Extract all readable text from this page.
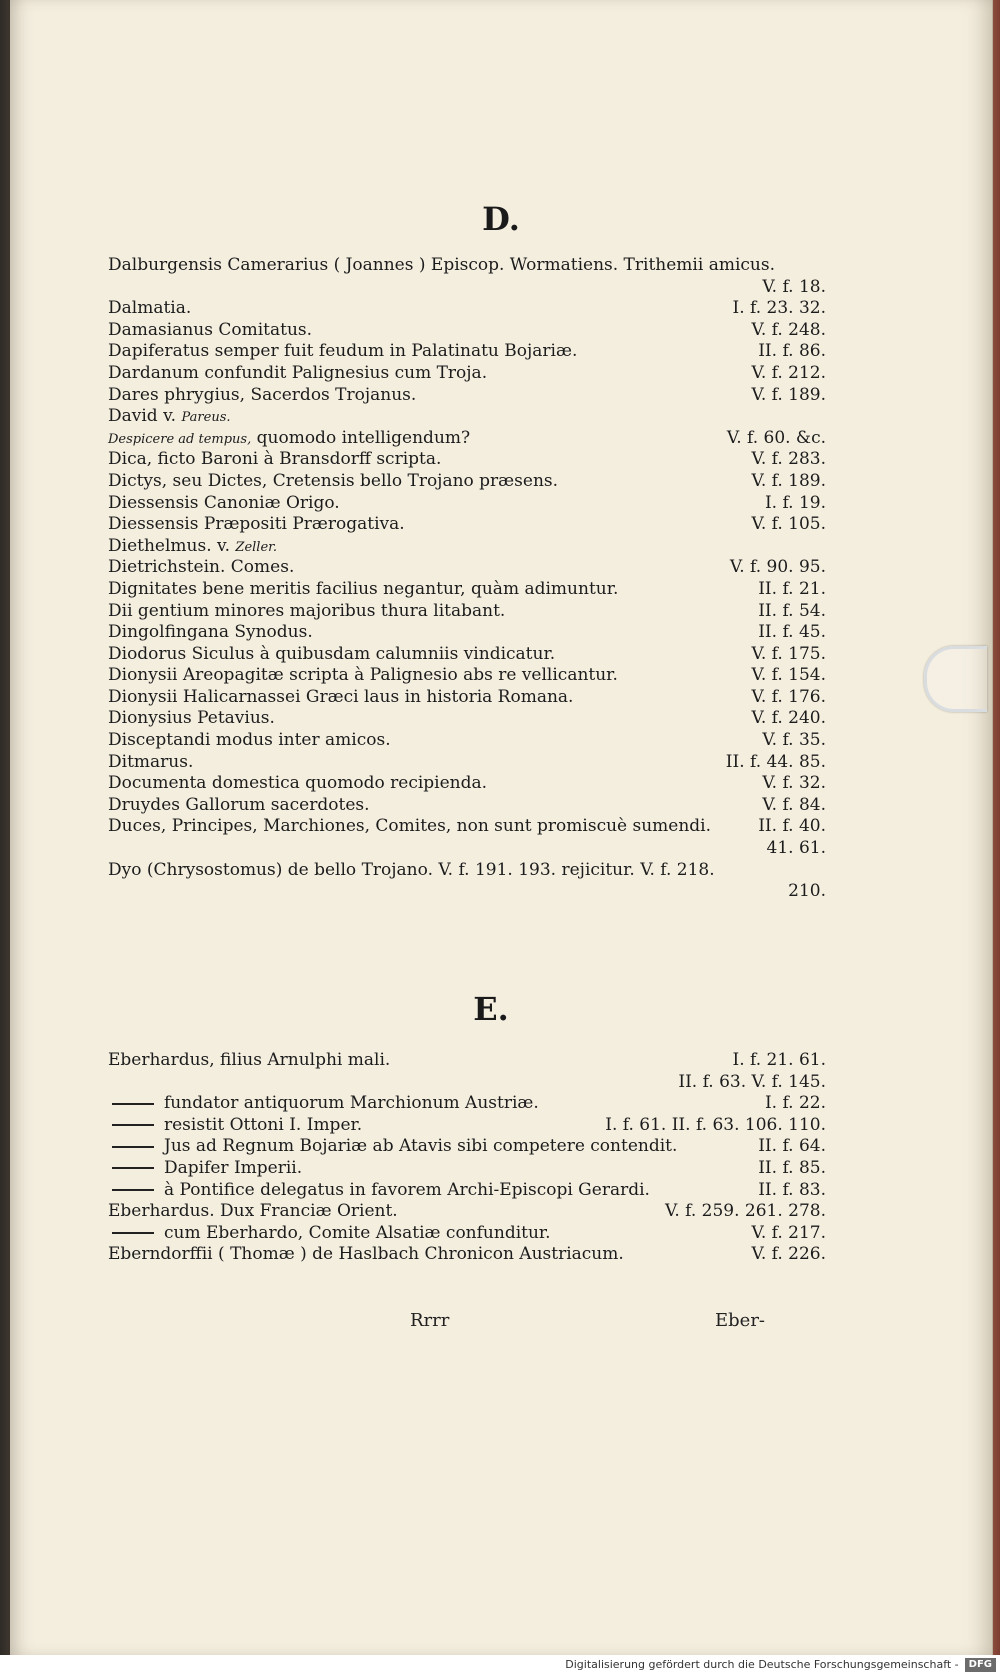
D.
Dalburgensis Camerarius ( Joannes ) Episcop. Wormatiens. Trithemii amicus.
V. f. 18.
Dalmatia.	I. f. 23. 32.
Damasianus Comitatus.	V. f. 248.
Dapiferatus semper fuit feudum in Palatinatu Bojariæ.	II. f. 86.
Dardanum confundit Palignesius cum Troja.	V. f. 212.
Dares phrygius, Sacerdos Trojanus.	V. f. 189.
David v. Pareus.
Despicere ad tempus, quomodo intelligendum?	V. f. 60. &c.
Dica, ficto Baroni à Bransdorff scripta.	V. f. 283.
Dictys, seu Dictes, Cretensis bello Trojano præsens.	V. f. 189.
Diessensis Canoniæ Origo.	I. f. 19.
Diessensis Præpositi Prærogativa.	V. f. 105.
Diethelmus. v. Zeller.
Dietrichstein. Comes.	V. f. 90. 95.
Dignitates bene meritis facilius negantur, quàm adimuntur.	II. f. 21.
Dii gentium minores majoribus thura litabant.	II. f. 54.
Dingolfingana Synodus.	II. f. 45.
Diodorus Siculus à quibusdam calumniis vindicatur.	V. f. 175.
Dionysii Areopagitæ scripta à Palignesio abs re vellicantur.	V. f. 154.
Dionysii Halicarnassei Græci laus in historia Romana.	V. f. 176.
Dionysius Petavius.	V. f. 240.
Disceptandi modus inter amicos.	V. f. 35.
Ditmarus.	II. f. 44. 85.
Documenta domestica quomodo recipienda.	V. f. 32.
Druydes Gallorum sacerdotes.	V. f. 84.
Duces, Principes, Marchiones, Comites, non sunt promiscuè sumendi.	II. f. 40.
41. 61.
Dyo (Chrysostomus) de bello Trojano. V. f. 191. 193. rejicitur. V. f. 218.
210.
E.
Eberhardus, filius Arnulphi mali.	I. f. 21. 61.
II. f. 63. V. f. 145.
fundator antiquorum Marchionum Austriæ.	I. f. 22.
resistit Ottoni I. Imper.	I. f. 61. II. f. 63. 106. 110.
Jus ad Regnum Bojariæ ab Atavis sibi competere contendit.	II. f. 64.
Dapifer Imperii.	II. f. 85.
à Pontifice delegatus in favorem Archi-Episcopi Gerardi.	II. f. 83.
Eberhardus. Dux Franciæ Orient.	V. f. 259. 261. 278.
cum Eberhardo, Comite Alsatiæ confunditur.	V. f. 217.
Eberndorffii ( Thomæ ) de Haslbach Chronicon Austriacum.	V. f. 226.
Rrrr	Eber-
Digitalisierung gefördert durch die Deutsche Forschungsgemeinschaft - DFG
